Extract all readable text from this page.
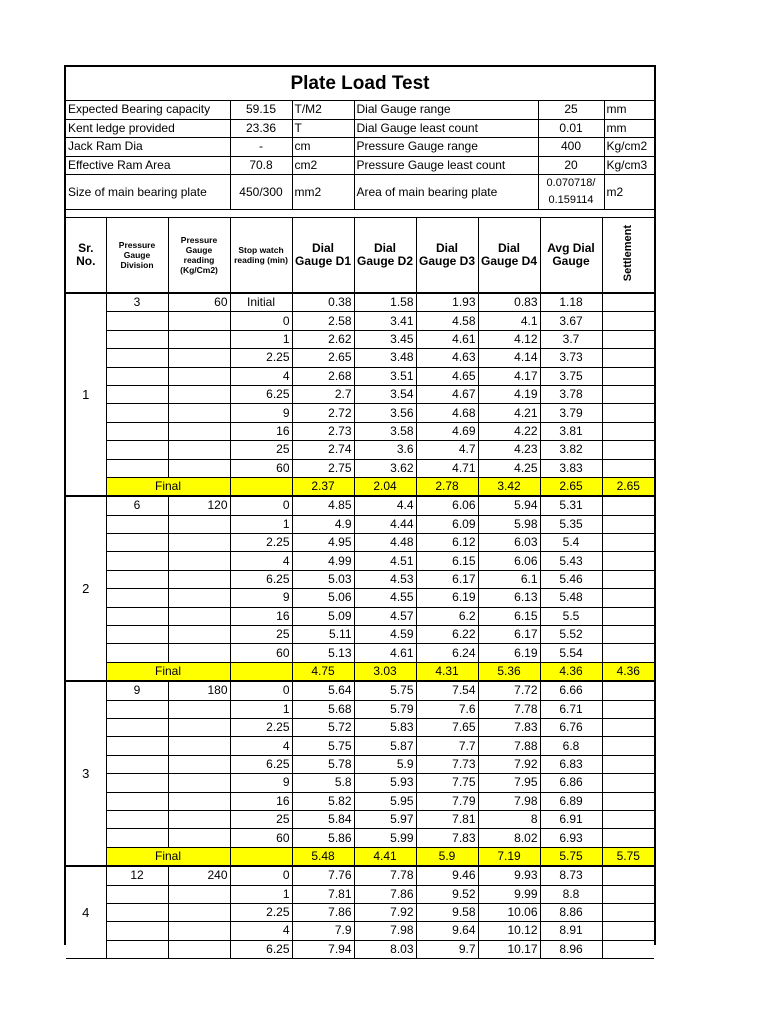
Plate Load Test
Expected Bearing capacity	59.15	T/M2	Dial Gauge range	25	mm
Kent ledge provided	23.36	T	Dial Gauge least count	0.01	mm
Jack Ram Dia	-	cm	Pressure Gauge range	400	Kg/cm2
Effective Ram Area	70.8	cm2	Pressure Gauge least count	20	Kg/cm3
Size of main bearing plate	450/300	mm2	Area of main bearing plate	0.070718/ 0.159114	m2
Sr. No.	Pressure Gauge Division	Pressure Gauge reading (Kg/Cm2)	Stop watch reading (min)	Dial Gauge D1	Dial Gauge D2	Dial Gauge D3	Dial Gauge D4	Avg Dial Gauge	Settlement
1	3	60	Initial	0.38	1.58	1.93	0.83	1.18	
			0	2.58	3.41	4.58	4.1	3.67	
			1	2.62	3.45	4.61	4.12	3.7	
			2.25	2.65	3.48	4.63	4.14	3.73	
			4	2.68	3.51	4.65	4.17	3.75	
			6.25	2.7	3.54	4.67	4.19	3.78	
			9	2.72	3.56	4.68	4.21	3.79	
			16	2.73	3.58	4.69	4.22	3.81	
			25	2.74	3.6	4.7	4.23	3.82	
			60	2.75	3.62	4.71	4.25	3.83	
	Final			2.37	2.04	2.78	3.42	2.65	2.65
2	6	120	0	4.85	4.4	6.06	5.94	5.31	
			1	4.9	4.44	6.09	5.98	5.35	
			2.25	4.95	4.48	6.12	6.03	5.4	
			4	4.99	4.51	6.15	6.06	5.43	
			6.25	5.03	4.53	6.17	6.1	5.46	
			9	5.06	4.55	6.19	6.13	5.48	
			16	5.09	4.57	6.2	6.15	5.5	
			25	5.11	4.59	6.22	6.17	5.52	
			60	5.13	4.61	6.24	6.19	5.54	
	Final			4.75	3.03	4.31	5.36	4.36	4.36
3	9	180	0	5.64	5.75	7.54	7.72	6.66	
			1	5.68	5.79	7.6	7.78	6.71	
			2.25	5.72	5.83	7.65	7.83	6.76	
			4	5.75	5.87	7.7	7.88	6.8	
			6.25	5.78	5.9	7.73	7.92	6.83	
			9	5.8	5.93	7.75	7.95	6.86	
			16	5.82	5.95	7.79	7.98	6.89	
			25	5.84	5.97	7.81	8	6.91	
			60	5.86	5.99	7.83	8.02	6.93	
	Final			5.48	4.41	5.9	7.19	5.75	5.75
4	12	240	0	7.76	7.78	9.46	9.93	8.73	
			1	7.81	7.86	9.52	9.99	8.8	
			2.25	7.86	7.92	9.58	10.06	8.86	
			4	7.9	7.98	9.64	10.12	8.91	
			6.25	7.94	8.03	9.7	10.17	8.96	
